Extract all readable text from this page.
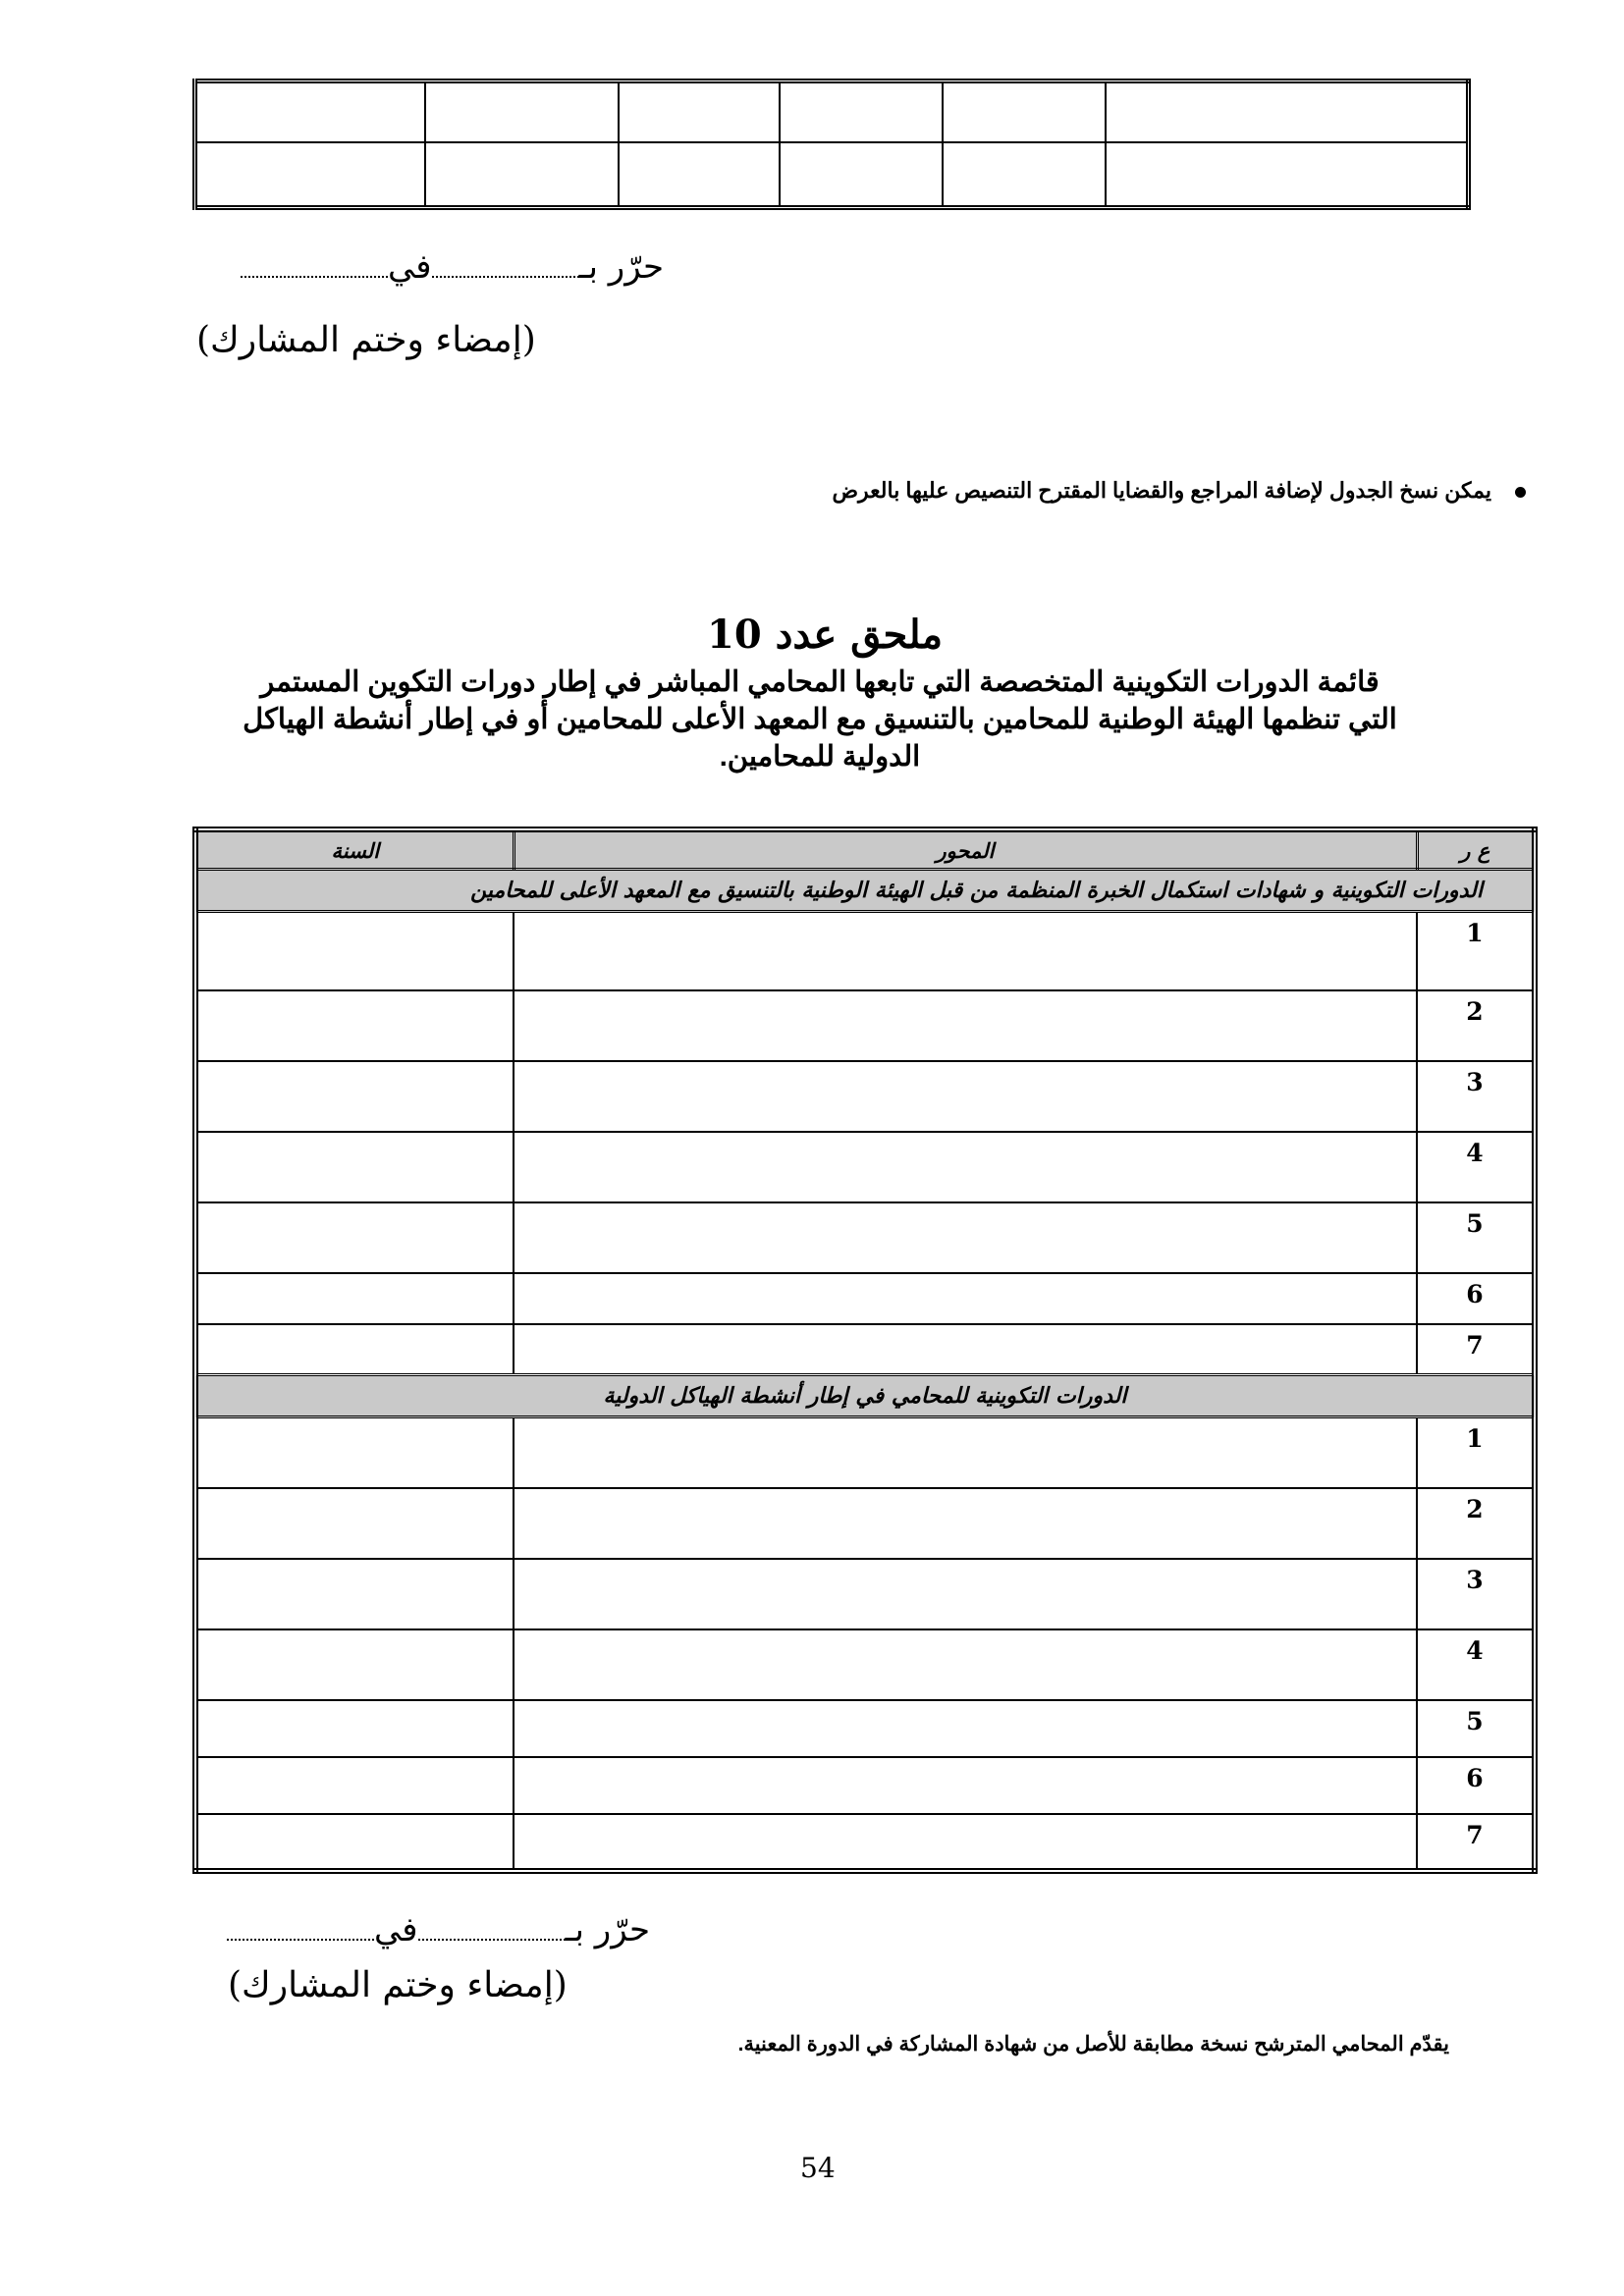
حرّر بـفي
(إمضاء وختم المشارك)
يمكن نسخ الجدول لإضافة المراجع والقضايا المقترح التنصيص عليها بالعرض
ملحق عدد 10
قائمة الدورات التكوينية المتخصصة التي تابعها المحامي المباشر في إطار دورات التكوين المستمر
التي تنظمها الهيئة الوطنية للمحامين بالتنسيق مع المعهد الأعلى للمحامين أو في إطار أنشطة الهياكل
الدولية للمحامين.
ع ر	المحور	السنة
الدورات التكوينية و شهادات استكمال الخبرة المنظمة من قبل الهيئة الوطنية بالتنسيق مع المعهد الأعلى للمحامين		
1		
2		
3		
4		
5		
6		
7		
الدورات التكوينية للمحامي في إطار أنشطة الهياكل الدولية		
1		
2		
3		
4		
5		
6		
7		
حرّر بـفي
(إمضاء وختم المشارك)
يقدّم المحامي المترشح نسخة مطابقة للأصل من شهادة المشاركة في الدورة المعنية.
54
